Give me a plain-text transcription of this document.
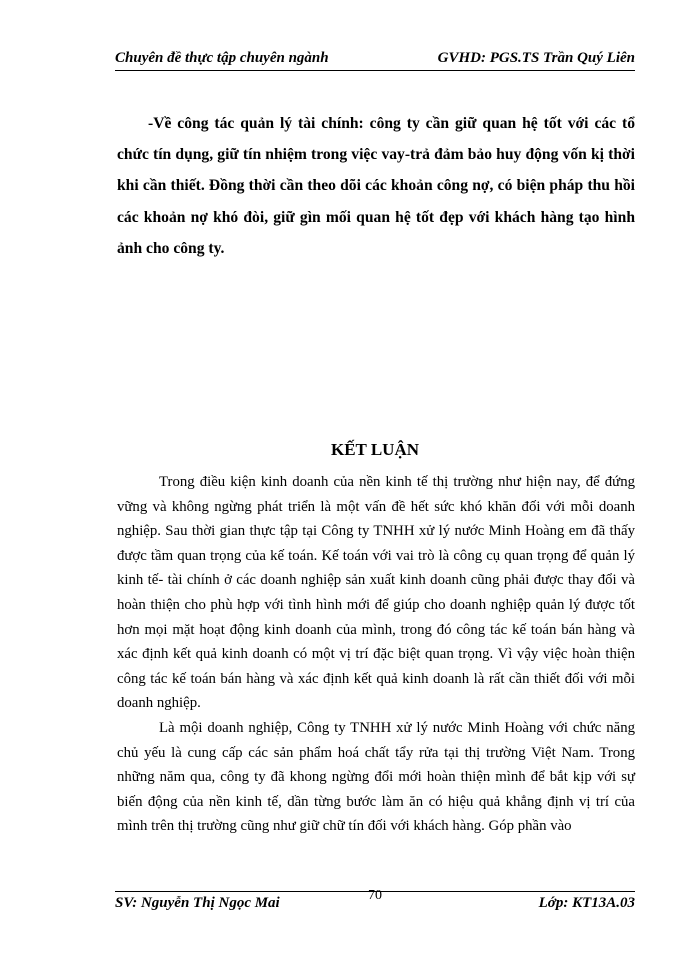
Chuyên đề thực tập chuyên ngành	GVHD: PGS.TS Trần Quý Liên

-Về công tác quản lý tài chính: công ty cần giữ quan hệ tốt với các tổ chức tín dụng, giữ tín nhiệm trong việc vay-trả đảm bảo huy động vốn kị thời khi cần thiết. Đồng thời cần theo dõi các khoản công nợ, có biện pháp thu hồi các khoản nợ khó đòi, giữ gìn mối quan hệ tốt đẹp với khách hàng tạo hình ảnh cho công ty.

KẾT LUẬN

Trong điều kiện kinh doanh của nền kinh tế thị trường như hiện nay, để đứng vững và không ngừng phát triển là một vấn đề hết sức khó khăn đối với mỗi doanh nghiệp. Sau thời gian thực tập tại Công ty TNHH xử lý nước Minh Hoàng em đã thấy được tầm quan trọng của kế toán. Kế toán với vai trò là công cụ quan trọng để quản lý kinh tế- tài chính ở các doanh nghiệp sản xuất kinh doanh cũng phải được thay đổi và hoàn thiện cho phù hợp với tình hình mới để giúp cho doanh nghiệp quản lý được tốt hơn mọi mặt hoạt động kinh doanh của mình, trong đó công tác kế toán bán hàng và xác định kết quả kinh doanh có một vị trí đặc biệt quan trọng. Vì vậy việc hoàn thiện công tác kế toán bán hàng và xác định kết quả kinh doanh là rất cần thiết đối với mỗi doanh nghiệp.

Là mội doanh nghiệp, Công ty TNHH xử lý nước Minh Hoàng với chức năng chủ yếu là cung cấp các sản phẩm hoá chất tẩy rửa tại thị trường Việt Nam. Trong những năm qua, công ty đã khong ngừng đổi mới hoàn thiện mình để bắt kịp với sự biến động của nền kinh tế, dần từng bước làm ăn có hiệu quả khẳng định vị trí của mình trên thị trường cũng như giữ chữ tín đối với khách hàng. Góp phần vào

SV: Nguyễn Thị Ngọc Mai	70	Lớp: KT13A.03
